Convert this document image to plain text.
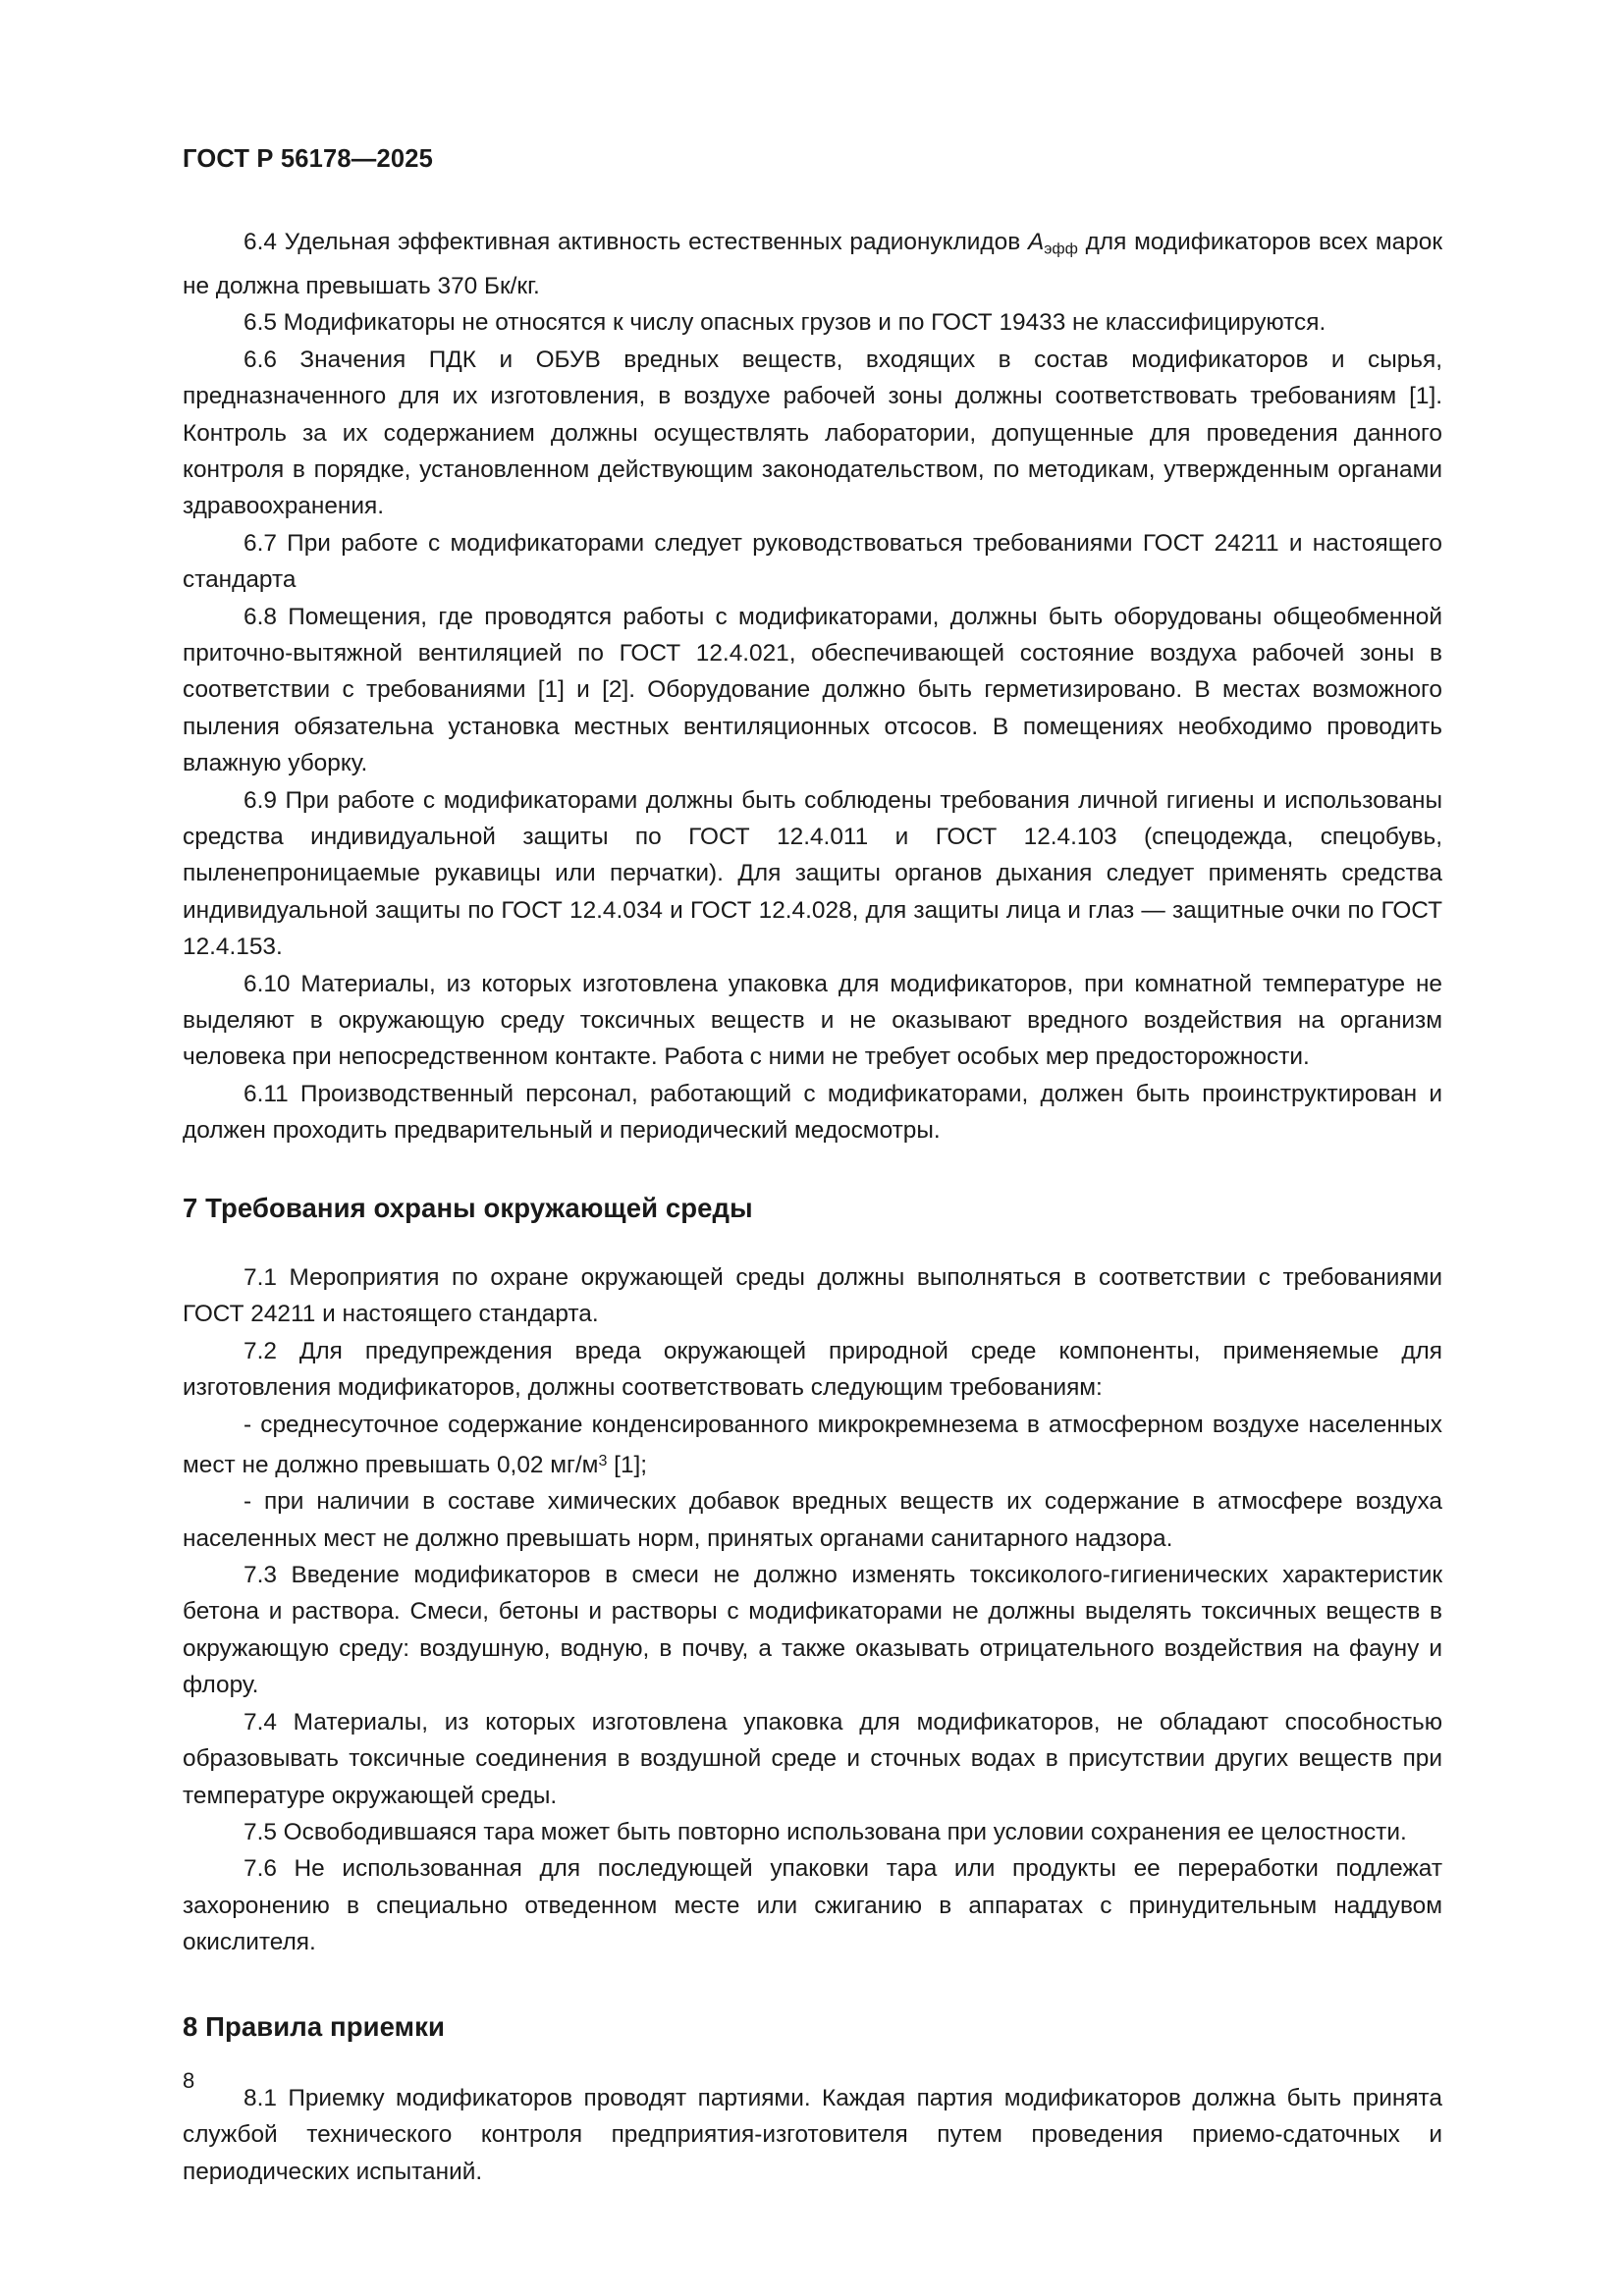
ГОСТ Р 56178—2025

6.4 Удельная эффективная активность естественных радионуклидов $A_{эфф}$ для модификаторов всех марок не должна превышать 370 Бк/кг.

6.5 Модификаторы не относятся к числу опасных грузов и по ГОСТ 19433 не классифицируются.

6.6 Значения ПДК и ОБУВ вредных веществ, входящих в состав модификаторов и сырья, предназначенного для их изготовления, в воздухе рабочей зоны должны соответствовать требованиям [1]. Контроль за их содержанием должны осуществлять лаборатории, допущенные для проведения данного контроля в порядке, установленном действующим законодательством, по методикам, утвержденным органами здравоохранения.

6.7 При работе с модификаторами следует руководствоваться требованиями ГОСТ 24211 и настоящего стандарта

6.8 Помещения, где проводятся работы с модификаторами, должны быть оборудованы общеобменной приточно-вытяжной вентиляцией по ГОСТ 12.4.021, обеспечивающей состояние воздуха рабочей зоны в соответствии с требованиями [1] и [2]. Оборудование должно быть герметизировано. В местах возможного пыления обязательна установка местных вентиляционных отсосов. В помещениях необходимо проводить влажную уборку.

6.9 При работе с модификаторами должны быть соблюдены требования личной гигиены и использованы средства индивидуальной защиты по ГОСТ 12.4.011 и ГОСТ 12.4.103 (спецодежда, спецобувь, пыленепроницаемые рукавицы или перчатки). Для защиты органов дыхания следует применять средства индивидуальной защиты по ГОСТ 12.4.034 и ГОСТ 12.4.028, для защиты лица и глаз — защитные очки по ГОСТ 12.4.153.

6.10 Материалы, из которых изготовлена упаковка для модификаторов, при комнатной температуре не выделяют в окружающую среду токсичных веществ и не оказывают вредного воздействия на организм человека при непосредственном контакте. Работа с ними не требует особых мер предосторожности.

6.11 Производственный персонал, работающий с модификаторами, должен быть проинструктирован и должен проходить предварительный и периодический медосмотры.

7 Требования охраны окружающей среды

7.1 Мероприятия по охране окружающей среды должны выполняться в соответствии с требованиями ГОСТ 24211 и настоящего стандарта.

7.2 Для предупреждения вреда окружающей природной среде компоненты, применяемые для изготовления модификаторов, должны соответствовать следующим требованиям:

- среднесуточное содержание конденсированного микрокремнезема в атмосферном воздухе населенных мест не должно превышать 0,02 $мг/м^3$ [1];

- при наличии в составе химических добавок вредных веществ их содержание в атмосфере воздуха населенных мест не должно превышать норм, принятых органами санитарного надзора.

7.3 Введение модификаторов в смеси не должно изменять токсиколого-гигиенических характеристик бетона и раствора. Смеси, бетоны и растворы с модификаторами не должны выделять токсичных веществ в окружающую среду: воздушную, водную, в почву, а также оказывать отрицательного воздействия на фауну и флору.

7.4 Материалы, из которых изготовлена упаковка для модификаторов, не обладают способностью образовывать токсичные соединения в воздушной среде и сточных водах в присутствии других веществ при температуре окружающей среды.

7.5 Освободившаяся тара может быть повторно использована при условии сохранения ее целостности.

7.6 Не использованная для последующей упаковки тара или продукты ее переработки подлежат захоронению в специально отведенном месте или сжиганию в аппаратах с принудительным наддувом окислителя.

8 Правила приемки

8.1 Приемку модификаторов проводят партиями. Каждая партия модификаторов должна быть принята службой технического контроля предприятия-изготовителя путем проведения приемо-сдаточных и периодических испытаний.

8
